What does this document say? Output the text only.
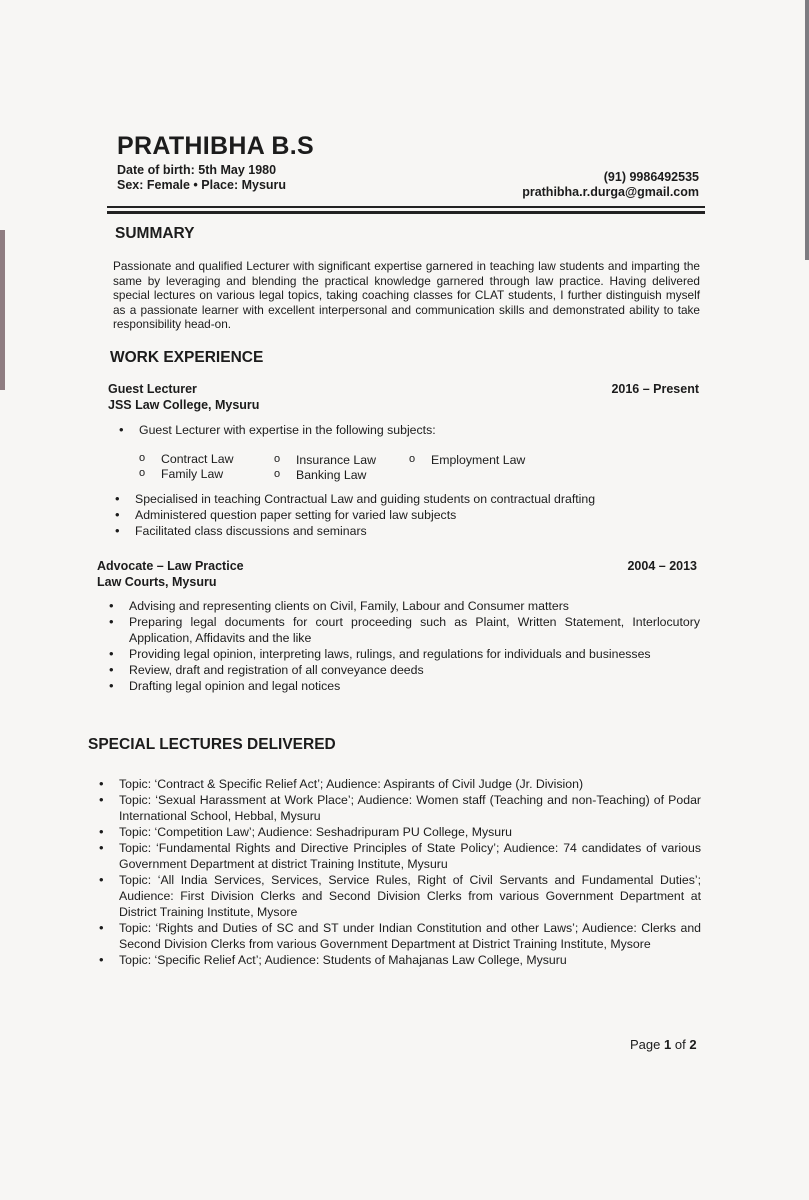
PRATHIBHA B.S
Date of birth: 5th May 1980
Sex: Female • Place: Mysuru
(91) 9986492535
prathibha.r.durga@gmail.com
SUMMARY

Passionate and qualified Lecturer with significant expertise garnered in teaching law students and imparting the same by leveraging and blending the practical knowledge garnered through law practice. Having delivered special lectures on various legal topics, taking coaching classes for CLAT students, I further distinguish myself as a passionate learner with excellent interpersonal and communication skills and demonstrated ability to take responsibility head-on.

WORK EXPERIENCE
Guest Lecturer
JSS Law College, Mysuru
2016 – Present
• Guest Lecturer with expertise in the following subjects:
o Contract Law	o Insurance Law	o Employment Law
o Family Law	o Banking Law
• Specialised in teaching Contractual Law and guiding students on contractual drafting
• Administered question paper setting for varied law subjects
• Facilitated class discussions and seminars
Advocate – Law Practice
Law Courts, Mysuru
2004 – 2013
• Advising and representing clients on Civil, Family, Labour and Consumer matters
• Preparing legal documents for court proceeding such as Plaint, Written Statement, Interlocutory Application, Affidavits and the like
• Providing legal opinion, interpreting laws, rulings, and regulations for individuals and businesses
• Review, draft and registration of all conveyance deeds
• Drafting legal opinion and legal notices
SPECIAL LECTURES DELIVERED
• Topic: ‘Contract & Specific Relief Act’; Audience: Aspirants of Civil Judge (Jr. Division)
• Topic: ‘Sexual Harassment at Work Place’; Audience: Women staff (Teaching and non-Teaching) of Podar International School, Hebbal, Mysuru
• Topic: ‘Competition Law’; Audience: Seshadripuram PU College, Mysuru
• Topic: ‘Fundamental Rights and Directive Principles of State Policy’; Audience: 74 candidates of various Government Department at district Training Institute, Mysuru
• Topic: ‘All India Services, Services, Service Rules, Right of Civil Servants and Fundamental Duties’; Audience: First Division Clerks and Second Division Clerks from various Government Department at District Training Institute, Mysore
• Topic: ‘Rights and Duties of SC and ST under Indian Constitution and other Laws’; Audience: Clerks and Second Division Clerks from various Government Department at District Training Institute, Mysore
• Topic: ‘Specific Relief Act’; Audience: Students of Mahajanas Law College, Mysuru
Page 1 of 2
